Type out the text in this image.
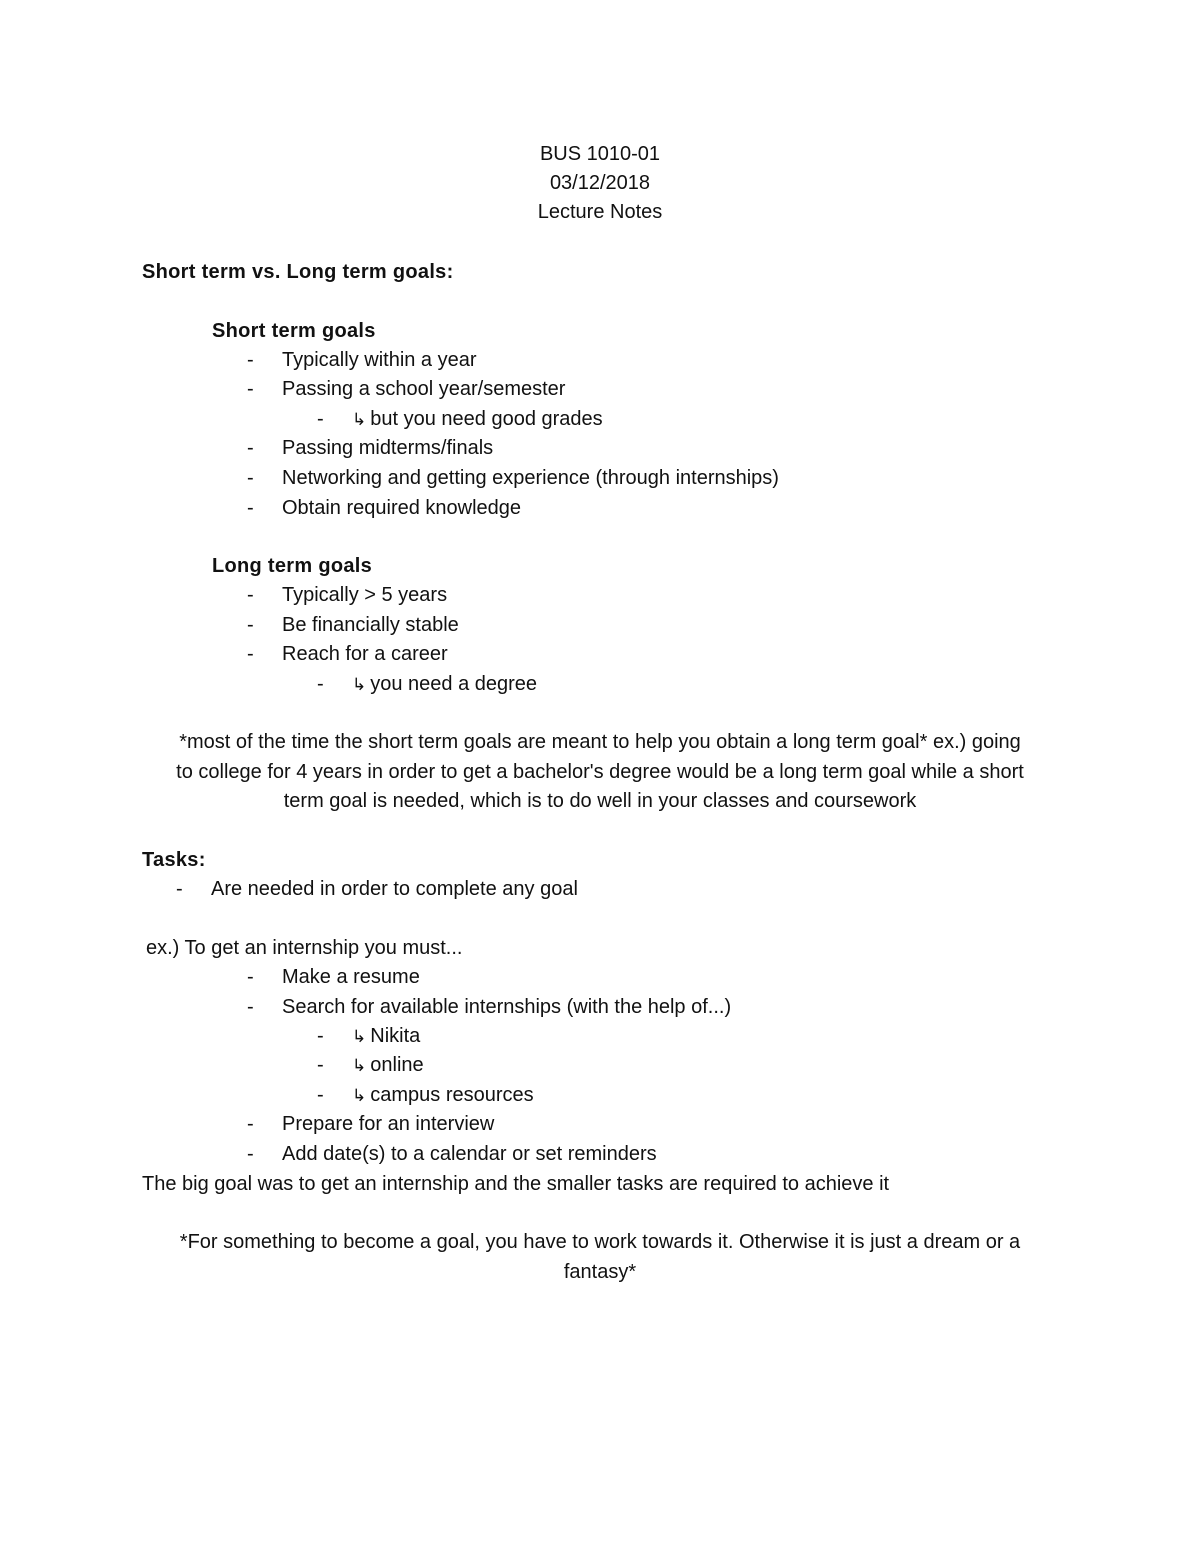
BUS 1010-01
03/12/2018
Lecture Notes
Short term vs. Long term goals:
Short term goals
- Typically within a year
- Passing a school year/semester
- ↳ but you need good grades
- Passing midterms/finals
- Networking and getting experience (through internships)
- Obtain required knowledge
Long term goals
- Typically > 5 years
- Be financially stable
- Reach for a career
- ↳ you need a degree
*most of the time the short term goals are meant to help you obtain a long term goal* ex.) going
to college for 4 years in order to get a bachelor's degree would be a long term goal while a short
term goal is needed, which is to do well in your classes and coursework
Tasks:
- Are needed in order to complete any goal
ex.) To get an internship you must...
- Make a resume
- Search for available internships (with the help of...)
- ↳ Nikita
- ↳ online
- ↳ campus resources
- Prepare for an interview
- Add date(s) to a calendar or set reminders
The big goal was to get an internship and the smaller tasks are required to achieve it
*For something to become a goal, you have to work towards it. Otherwise it is just a dream or a
fantasy*
